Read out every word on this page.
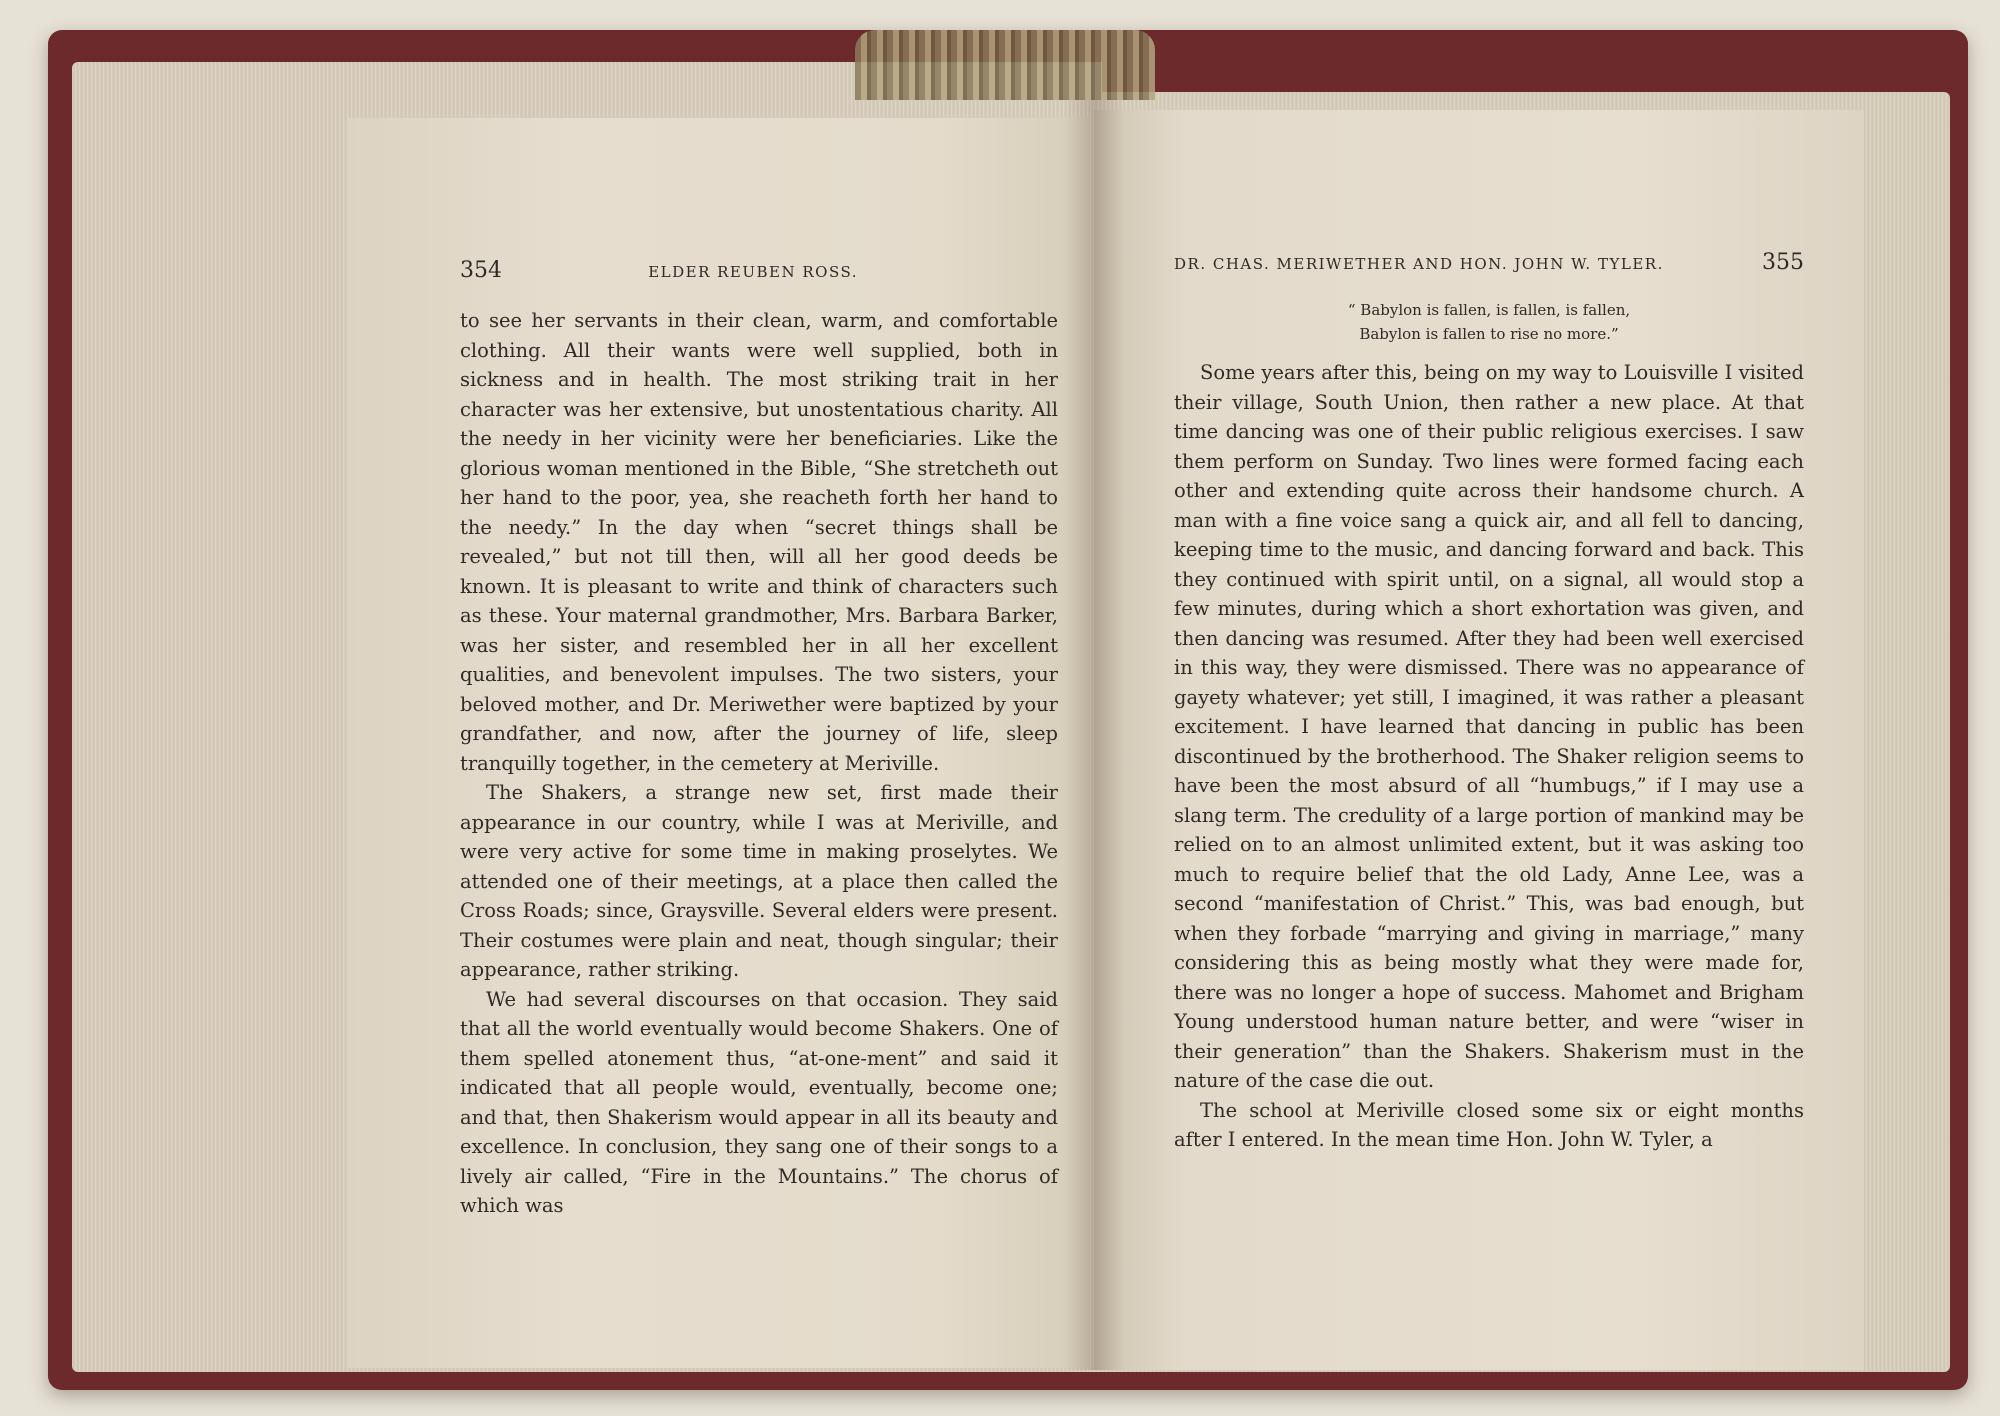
354	ELDER REUBEN ROSS.

to see her servants in their clean, warm, and comfortable clothing. All their wants were well supplied, both in sickness and in health. The most striking trait in her character was her extensive, but unostentatious charity. All the needy in her vicinity were her beneficiaries. Like the glorious woman mentioned in the Bible, “She stretcheth out her hand to the poor, yea, she reacheth forth her hand to the needy.” In the day when “secret things shall be revealed,” but not till then, will all her good deeds be known. It is pleasant to write and think of characters such as these. Your maternal grandmother, Mrs. Barbara Barker, was her sister, and resembled her in all her excellent qualities, and benevolent impulses. The two sisters, your beloved mother, and Dr. Meriwether were baptized by your grandfather, and now, after the journey of life, sleep tranquilly together, in the cemetery at Meriville.

The Shakers, a strange new set, first made their appearance in our country, while I was at Meriville, and were very active for some time in making proselytes. We attended one of their meetings, at a place then called the Cross Roads; since, Graysville. Several elders were present. Their costumes were plain and neat, though singular; their appearance, rather striking.

We had several discourses on that occasion. They said that all the world eventually would become Shakers. One of them spelled atonement thus, “at-one-ment” and said it indicated that all people would, eventually, become one; and that, then Shakerism would appear in all its beauty and excellence. In conclusion, they sang one of their songs to a lively air called, “Fire in the Mountains.” The chorus of which was

DR. CHAS. MERIWETHER AND HON. JOHN W. TYLER.	355
“ Babylon is fallen, is fallen, is fallen,
Babylon is fallen to rise no more.”

Some years after this, being on my way to Louisville I visited their village, South Union, then rather a new place. At that time dancing was one of their public religious exercises. I saw them perform on Sunday. Two lines were formed facing each other and extending quite across their handsome church. A man with a fine voice sang a quick air, and all fell to dancing, keeping time to the music, and dancing forward and back. This they continued with spirit until, on a signal, all would stop a few minutes, during which a short exhortation was given, and then dancing was resumed. After they had been well exercised in this way, they were dismissed. There was no appearance of gayety whatever; yet still, I imagined, it was rather a pleasant excitement. I have learned that dancing in public has been discontinued by the brotherhood. The Shaker religion seems to have been the most absurd of all “humbugs,” if I may use a slang term. The credulity of a large portion of mankind may be relied on to an almost unlimited extent, but it was asking too much to require belief that the old Lady, Anne Lee, was a second “manifestation of Christ.” This, was bad enough, but when they forbade “marrying and giving in marriage,” many considering this as being mostly what they were made for, there was no longer a hope of success. Mahomet and Brigham Young understood human nature better, and were “wiser in their generation” than the Shakers. Shakerism must in the nature of the case die out.

The school at Meriville closed some six or eight months after I entered. In the mean time Hon. John W. Tyler, a
